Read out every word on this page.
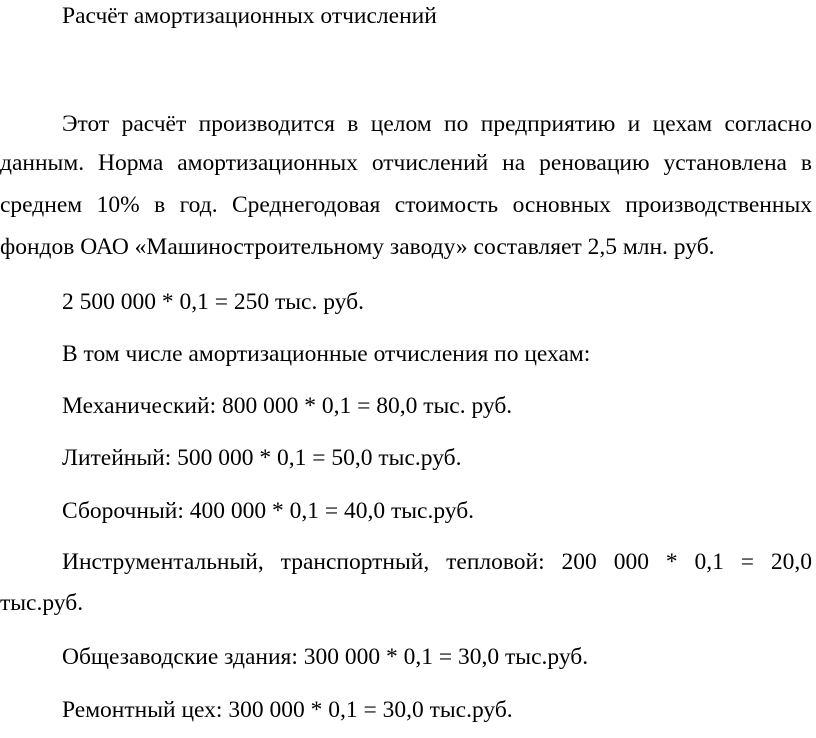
Расчёт амортизационных отчислений
Этот расчёт производится в целом по предприятию и цехам согласно
данным. Норма амортизационных отчислений на реновацию установлена в
среднем 10% в год. Среднегодовая стоимость основных производственных
фондов ОАО «Машиностроительному заводу» составляет 2,5 млн. руб.
2 500 000 * 0,1 = 250 тыс. руб.
В том числе амортизационные отчисления по цехам:
Механический: 800 000 * 0,1 = 80,0 тыс. руб.
Литейный: 500 000 * 0,1 = 50,0 тыс.руб.
Сборочный: 400 000 * 0,1 = 40,0 тыс.руб.
Инструментальный, транспортный, тепловой: 200 000 * 0,1 = 20,0
тыс.руб.
Общезаводские здания: 300 000 * 0,1 = 30,0 тыс.руб.
Ремонтный цех: 300 000 * 0,1 = 30,0 тыс.руб.
